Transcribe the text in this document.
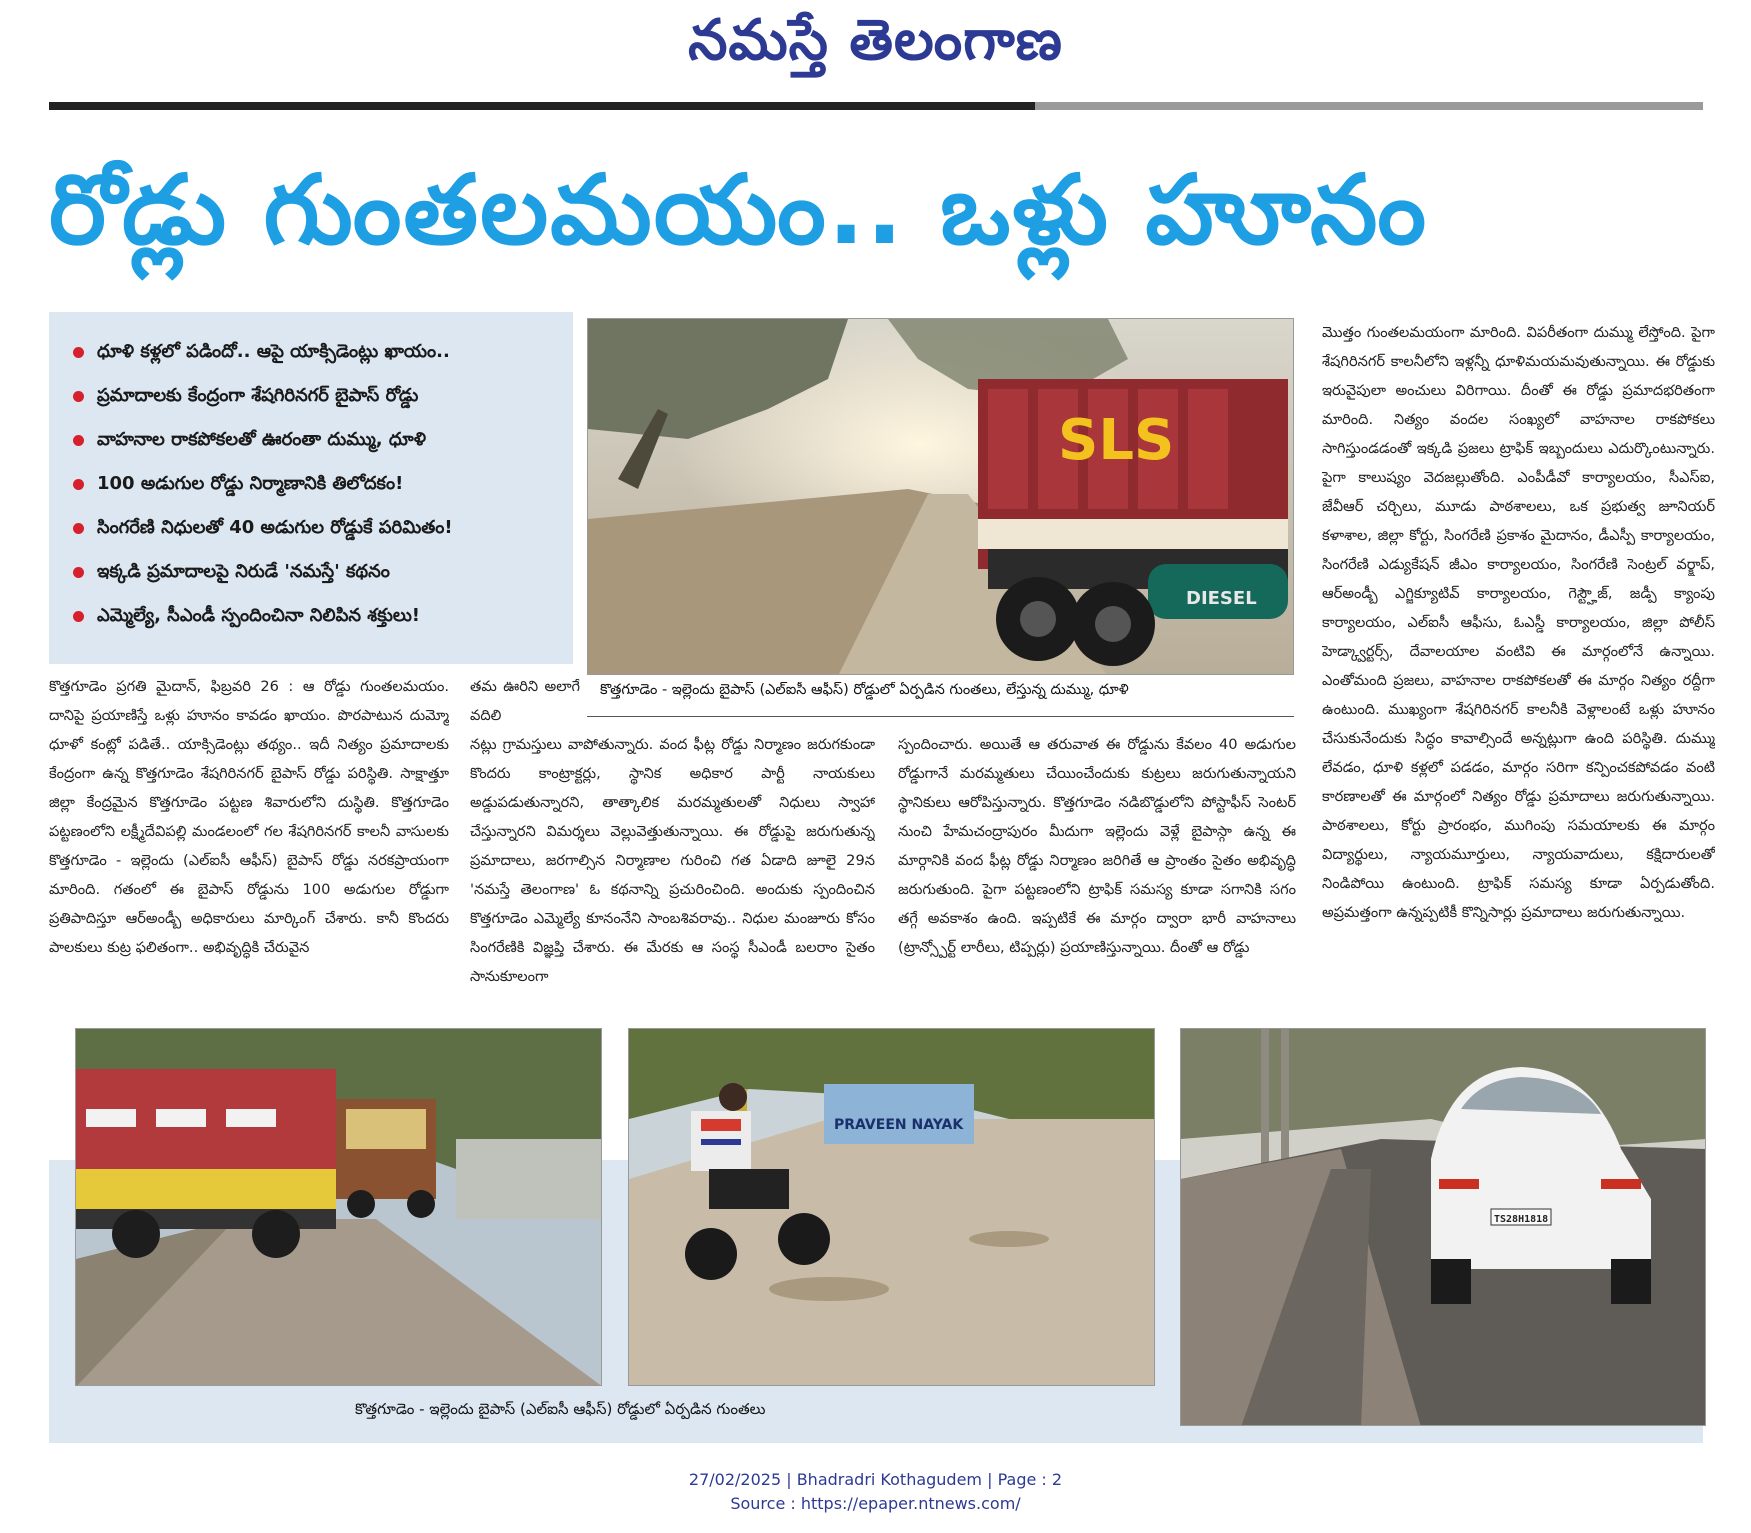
నమస్తే తెలంగాణ
రోడ్లు గుంతలమయం.. ఒళ్లు హూనం
ధూళి కళ్లలో పడిందో.. ఆపై యాక్సిడెంట్లు ఖాయం..
ప్రమాదాలకు కేంద్రంగా శేషగిరినగర్ బైపాస్ రోడ్డు
వాహనాల రాకపోకలతో ఊరంతా దుమ్ము, ధూళి
100 అడుగుల రోడ్డు నిర్మాణానికి తిలోదకం!
సింగరేణి నిధులతో 40 అడుగుల రోడ్డుకే పరిమితం!
ఇక్కడి ప్రమాదాలపై నిరుడే 'నమస్తే' కథనం
ఎమ్మెల్యే, సీఎండీ స్పందించినా నిలిపిన శక్తులు!
SLS
DIESEL
కొత్తగూడెం - ఇల్లెందు బైపాస్ (ఎల్ఐసీ ఆఫీస్) రోడ్డులో ఏర్పడిన గుంతలు, లేస్తున్న దుమ్ము, ధూళి

కొత్తగూడెం ప్రగతి మైదాన్, ఫిబ్రవరి 26 : ఆ రోడ్డు గుంతలమయం. దానిపై ప్రయాణిస్తే ఒళ్లు హూనం కావడం ఖాయం. పొరపాటున దుమ్మో ధూళో కంట్లో పడితే.. యాక్సిడెంట్లు తథ్యం.. ఇదీ నిత్యం ప్రమాదాలకు కేంద్రంగా ఉన్న కొత్తగూడెం శేషగిరినగర్ బైపాస్ రోడ్డు పరిస్థితి. సాక్షాత్తూ జిల్లా కేంద్రమైన కొత్తగూడెం పట్టణ శివారులోని దుస్థితి. కొత్తగూడెం పట్టణంలోని లక్ష్మీదేవిపల్లి మండలంలో గల శేషగిరినగర్ కాలనీ వాసులకు కొత్తగూడెం - ఇల్లెందు (ఎల్ఐసీ ఆఫీస్) బైపాస్ రోడ్డు నరకప్రాయంగా మారింది. గతంలో ఈ బైపాస్ రోడ్డును 100 అడుగుల రోడ్డుగా ప్రతిపాదిస్తూ ఆర్అండ్బీ అధికారులు మార్కింగ్ చేశారు. కానీ కొందరు పాలకులు కుట్ర ఫలితంగా.. అభివృద్ధికి చేరువైన

తమ ఊరిని అలాగే వదిలి

నట్లు గ్రామస్తులు వాపోతున్నారు. వంద ఫీట్ల రోడ్డు నిర్మాణం జరుగకుండా కొందరు కాంట్రాక్టర్లు, స్థానిక అధికార పార్టీ నాయకులు అడ్డుపడుతున్నారని, తాత్కాలిక మరమ్మతులతో నిధులు స్వాహా చేస్తున్నారని విమర్శలు వెల్లువెత్తుతున్నాయి. ఈ రోడ్డుపై జరుగుతున్న ప్రమాదాలు, జరగాల్సిన నిర్మాణాల గురించి గత ఏడాది జూలై 29న 'నమస్తే తెలంగాణ' ఓ కథనాన్ని ప్రచురించింది. అందుకు స్పందించిన కొత్తగూడెం ఎమ్మెల్యే కూనంనేని సాంబశివరావు.. నిధుల మంజూరు కోసం సింగరేణికి విజ్ఞప్తి చేశారు. ఈ మేరకు ఆ సంస్థ సీఎండీ బలరాం సైతం సానుకూలంగా

స్పందించారు. అయితే ఆ తరువాత ఈ రోడ్డును కేవలం 40 అడుగుల రోడ్డుగానే మరమ్మతులు చేయించేందుకు కుట్రలు జరుగుతున్నాయని స్థానికులు ఆరోపిస్తున్నారు. కొత్తగూడెం నడిబొడ్డులోని పోస్టాఫీస్ సెంటర్ నుంచి హేమచంద్రాపురం మీదుగా ఇల్లెందు వెళ్లే బైపాస్గా ఉన్న ఈ మార్గానికి వంద ఫీట్ల రోడ్డు నిర్మాణం జరిగితే ఆ ప్రాంతం సైతం అభివృద్ధి జరుగుతుంది. పైగా పట్టణంలోని ట్రాఫిక్ సమస్య కూడా సగానికి సగం తగ్గే అవకాశం ఉంది. ఇప్పటికే ఈ మార్గం ద్వారా భారీ వాహనాలు (ట్రాన్స్పోర్ట్ లారీలు, టిప్పర్లు) ప్రయాణిస్తున్నాయి. దీంతో ఆ రోడ్డు

మొత్తం గుంతలమయంగా మారింది. విపరీతంగా దుమ్ము లేస్తోంది. పైగా శేషగిరినగర్ కాలనీలోని ఇళ్లన్నీ ధూళిమయమవుతున్నాయి. ఈ రోడ్డుకు ఇరువైపులా అంచులు విరిగాయి. దీంతో ఈ రోడ్డు ప్రమాదభరితంగా మారింది. నిత్యం వందల సంఖ్యలో వాహనాల రాకపోకలు సాగిస్తుండడంతో ఇక్కడి ప్రజలు ట్రాఫిక్ ఇబ్బందులు ఎదుర్కొంటున్నారు. పైగా కాలుష్యం వెదజల్లుతోంది. ఎంపీడీవో కార్యాలయం, సీఎస్ఐ, జేవీఆర్ చర్చిలు, మూడు పాఠశాలలు, ఒక ప్రభుత్వ జూనియర్ కళాశాల, జిల్లా కోర్టు, సింగరేణి ప్రకాశం మైదానం, డీఎస్పీ కార్యాలయం, సింగరేణి ఎడ్యుకేషన్ జీఎం కార్యాలయం, సింగరేణి సెంట్రల్ వర్క్షాప్, ఆర్అండ్బీ ఎగ్జిక్యూటివ్ కార్యాలయం, గెస్ట్హౌజ్, జడ్పీ క్యాంపు కార్యాలయం, ఎల్ఐసీ ఆఫీసు, ఓఎస్డీ కార్యాలయం, జిల్లా పోలీస్ హెడ్క్వార్టర్స్, దేవాలయాల వంటివి ఈ మార్గంలోనే ఉన్నాయి. ఎంతోమంది ప్రజలు, వాహనాల రాకపోకలతో ఈ మార్గం నిత్యం రద్దీగా ఉంటుంది. ముఖ్యంగా శేషగిరినగర్ కాలనీకి వెళ్లాలంటే ఒళ్లు హూనం చేసుకునేందుకు సిద్ధం కావాల్సిందే అన్నట్లుగా ఉంది పరిస్థితి. దుమ్ము లేవడం, ధూళి కళ్లలో పడడం, మార్గం సరిగా కన్పించకపోవడం వంటి కారణాలతో ఈ మార్గంలో నిత్యం రోడ్డు ప్రమాదాలు జరుగుతున్నాయి. పాఠశాలలు, కోర్టు ప్రారంభం, ముగింపు సమయాలకు ఈ మార్గం విద్యార్థులు, న్యాయమూర్తులు, న్యాయవాదులు, కక్షిదారులతో నిండిపోయి ఉంటుంది. ట్రాఫిక్ సమస్య కూడా ఏర్పడుతోంది. అప్రమత్తంగా ఉన్నప్పటికీ కొన్నిసార్లు ప్రమాదాలు జరుగుతున్నాయి.

PRAVEEN NAYAK
కొత్తగూడెం - ఇల్లెందు బైపాస్ (ఎల్ఐసీ ఆఫీస్) రోడ్డులో ఏర్పడిన గుంతలు
TS28H1818
27/02/2025 | Bhadradri Kothagudem | Page : 2
Source : https://epaper.ntnews.com/
